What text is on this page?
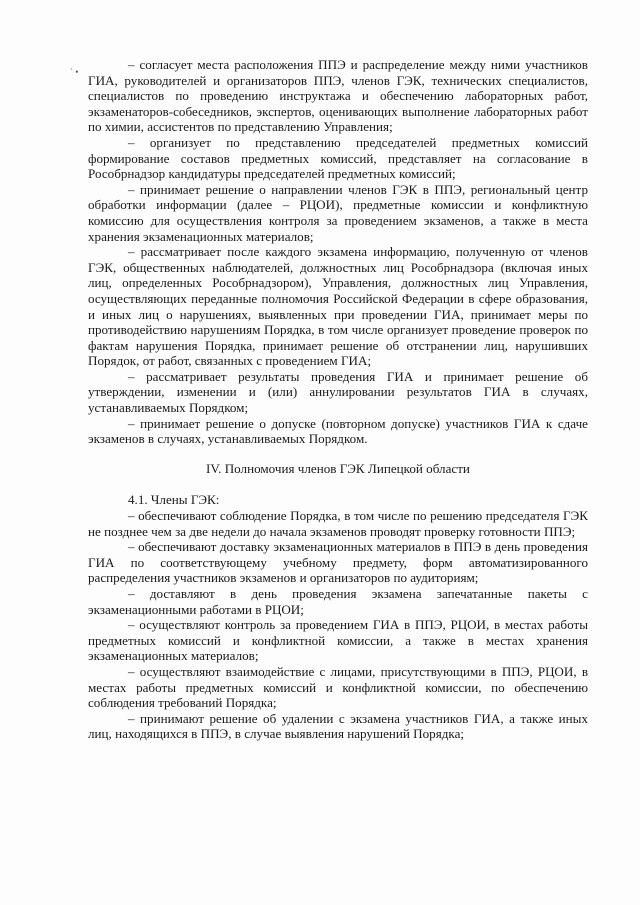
` •	– согласует места расположения ППЭ и распределение между ними участников ГИА, руководителей и организаторов ППЭ, членов ГЭК, технических специалистов, специалистов по проведению инструктажа и обеспечению лабораторных работ, экзаменаторов-собеседников, экспертов, оценивающих выполнение лабораторных работ по химии, ассистентов по представлению Управления;

– организует по представлению председателей предметных комиссий формирование составов предметных комиссий, представляет на согласование в Рособрнадзор кандидатуры председателей предметных комиссий;

– принимает решение о направлении членов ГЭК в ППЭ, региональный центр обработки информации (далее – РЦОИ), предметные комиссии и конфликтную комиссию для осуществления контроля за проведением экзаменов, а также в места хранения экзаменационных материалов;

– рассматривает после каждого экзамена информацию, полученную от членов ГЭК, общественных наблюдателей, должностных лиц Рособрнадзора (включая иных лиц, определенных Рособрнадзором), Управления, должностных лиц Управления, осуществляющих переданные полномочия Российской Федерации в сфере образования, и иных лиц о нарушениях, выявленных при проведении ГИА, принимает меры по противодействию нарушениям Порядка, в том числе организует проведение проверок по фактам нарушения Порядка, принимает решение об отстранении лиц, нарушивших Порядок, от работ, связанных с проведением ГИА;

– рассматривает результаты проведения ГИА и принимает решение об утверждении, изменении и (или) аннулировании результатов ГИА в случаях, устанавливаемых Порядком;

– принимает решение о допуске (повторном допуске) участников ГИА к сдаче экзаменов в случаях, устанавливаемых Порядком.

IV. Полномочия членов ГЭК Липецкой области

4.1. Члены ГЭК:

– обеспечивают соблюдение Порядка, в том числе по решению председателя ГЭК не позднее чем за две недели до начала экзаменов проводят проверку готовности ППЭ;

– обеспечивают доставку экзаменационных материалов в ППЭ в день проведения ГИА по соответствующему учебному предмету, форм автоматизированного распределения участников экзаменов и организаторов по аудиториям;

– доставляют в день проведения экзамена запечатанные пакеты с экзаменационными работами в РЦОИ;

– осуществляют контроль за проведением ГИА в ППЭ, РЦОИ, в местах работы предметных комиссий и конфликтной комиссии, а также в местах хранения экзаменационных материалов;

– осуществляют взаимодействие с лицами, присутствующими в ППЭ, РЦОИ, в местах работы предметных комиссий и конфликтной комиссии, по обеспечению соблюдения требований Порядка;

– принимают решение об удалении с экзамена участников ГИА, а также иных лиц, находящихся в ППЭ, в случае выявления нарушений Порядка;
